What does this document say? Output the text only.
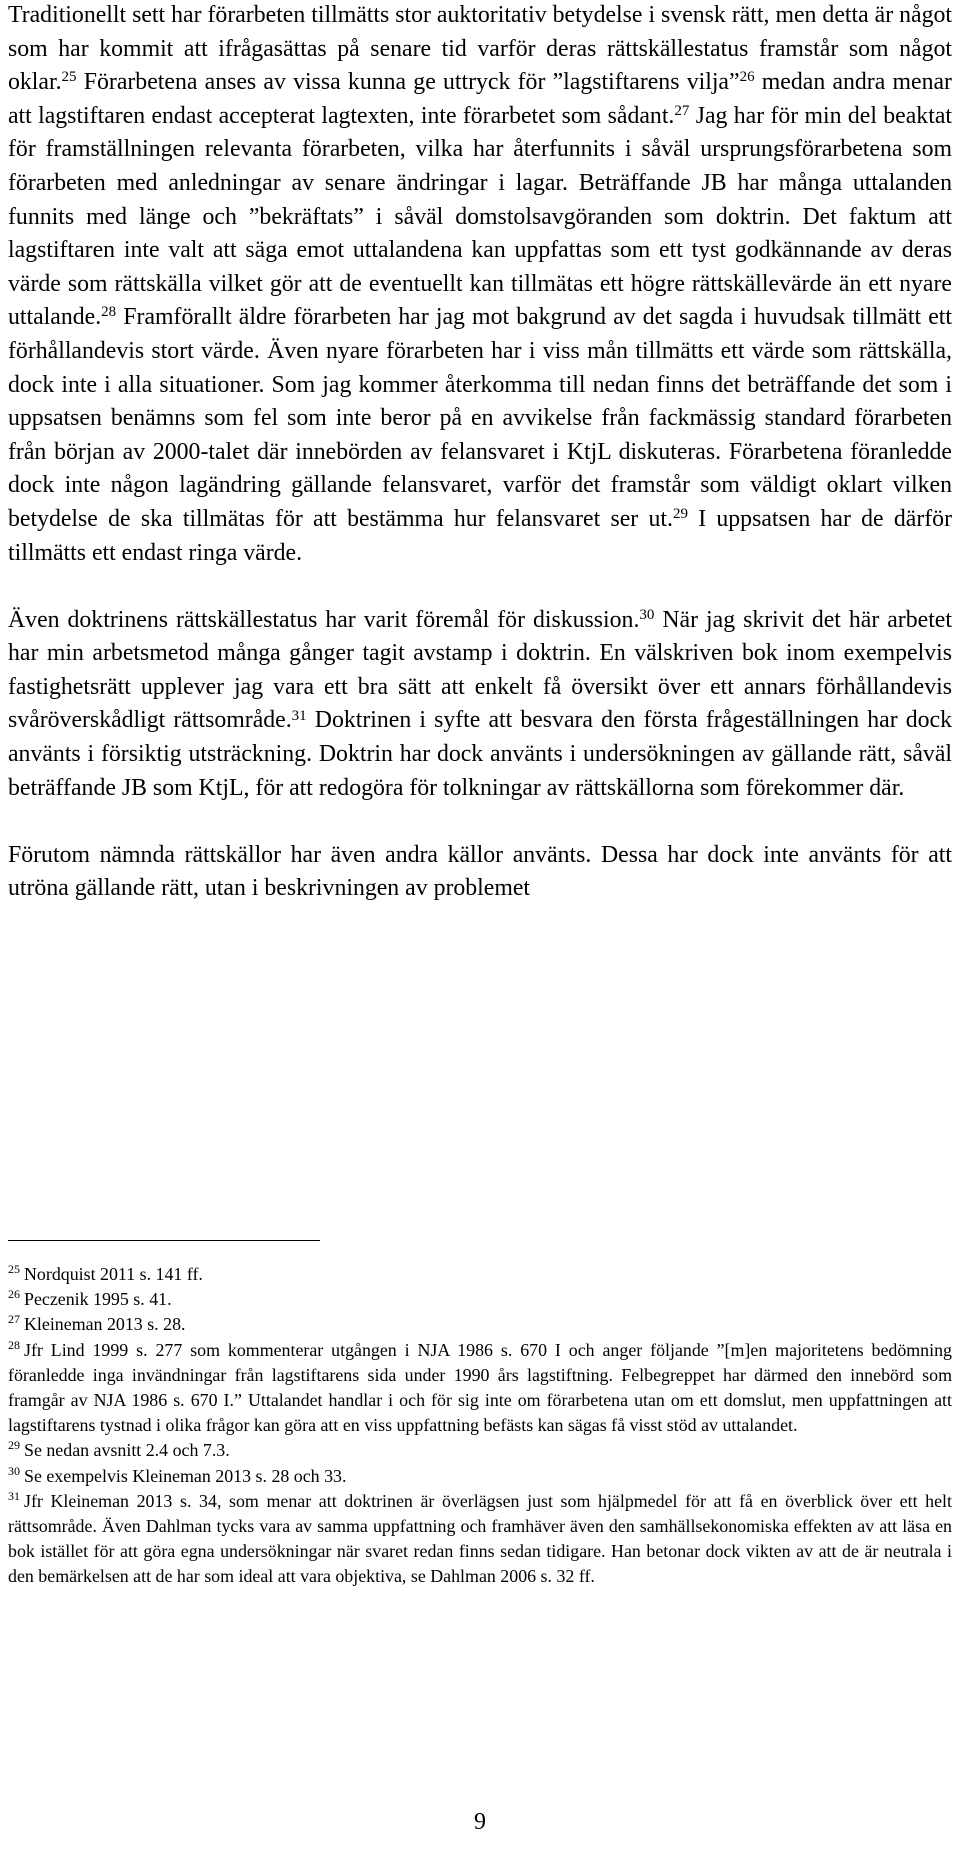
Traditionellt sett har förarbeten tillmätts stor auktoritativ betydelse i svensk rätt, men detta är något som har kommit att ifrågasättas på senare tid varför deras rättskällestatus framstår som något oklar.$^{25}$ Förarbetena anses av vissa kunna ge uttryck för ”lagstiftarens vilja”$^{26}$ medan andra menar att lagstiftaren endast accepterat lagtexten, inte förarbetet som sådant.$^{27}$ Jag har för min del beaktat för framställningen relevanta förarbeten, vilka har återfunnits i såväl ursprungsförarbetena som förarbeten med anledningar av senare ändringar i lagar. Beträffande JB har många uttalanden funnits med länge och ”bekräftats” i såväl domstolsavgöranden som doktrin. Det faktum att lagstiftaren inte valt att säga emot uttalandena kan uppfattas som ett tyst godkännande av deras värde som rättskälla vilket gör att de eventuellt kan tillmätas ett högre rättskällevärde än ett nyare uttalande.$^{28}$ Framförallt äldre förarbeten har jag mot bakgrund av det sagda i huvudsak tillmätt ett förhållandevis stort värde. Även nyare förarbeten har i viss mån tillmätts ett värde som rättskälla, dock inte i alla situationer. Som jag kommer återkomma till nedan finns det beträffande det som i uppsatsen benämns som fel som inte beror på en avvikelse från fackmässig standard förarbeten från början av 2000-talet där innebörden av felansvaret i KtjL diskuteras. Förarbetena föranledde dock inte någon lagändring gällande felansvaret, varför det framstår som väldigt oklart vilken betydelse de ska tillmätas för att bestämma hur felansvaret ser ut.$^{29}$ I uppsatsen har de därför tillmätts ett endast ringa värde.

Även doktrinens rättskällestatus har varit föremål för diskussion.$^{30}$ När jag skrivit det här arbetet har min arbetsmetod många gånger tagit avstamp i doktrin. En välskriven bok inom exempelvis fastighetsrätt upplever jag vara ett bra sätt att enkelt få översikt över ett annars förhållandevis svåröverskådligt rättsområde.$^{31}$ Doktrinen i syfte att besvara den första frågeställningen har dock använts i försiktig utsträckning. Doktrin har dock använts i undersökningen av gällande rätt, såväl beträffande JB som KtjL, för att redogöra för tolkningar av rättskällorna som förekommer där.

Förutom nämnda rättskällor har även andra källor använts. Dessa har dock inte använts för att utröna gällande rätt, utan i beskrivningen av problemet

$^{25}$ Nordquist 2011 s. 141 ff.

$^{26}$ Peczenik 1995 s. 41.

$^{27}$ Kleineman 2013 s. 28.

$^{28}$ Jfr Lind 1999 s. 277 som kommenterar utgången i NJA 1986 s. 670 I och anger följande ”[m]en majoritetens bedömning föranledde inga invändningar från lagstiftarens sida under 1990 års lagstiftning. Felbegreppet har därmed den innebörd som framgår av NJA 1986 s. 670 I.” Uttalandet handlar i och för sig inte om förarbetena utan om ett domslut, men uppfattningen att lagstiftarens tystnad i olika frågor kan göra att en viss uppfattning befästs kan sägas få visst stöd av uttalandet.

$^{29}$ Se nedan avsnitt 2.4 och 7.3.

$^{30}$ Se exempelvis Kleineman 2013 s. 28 och 33.

$^{31}$ Jfr Kleineman 2013 s. 34, som menar att doktrinen är överlägsen just som hjälpmedel för att få en överblick över ett helt rättsområde. Även Dahlman tycks vara av samma uppfattning och framhäver även den samhällsekonomiska effekten av att läsa en bok istället för att göra egna undersökningar när svaret redan finns sedan tidigare. Han betonar dock vikten av att de är neutrala i den bemärkelsen att de har som ideal att vara objektiva, se Dahlman 2006 s. 32 ff.

9
